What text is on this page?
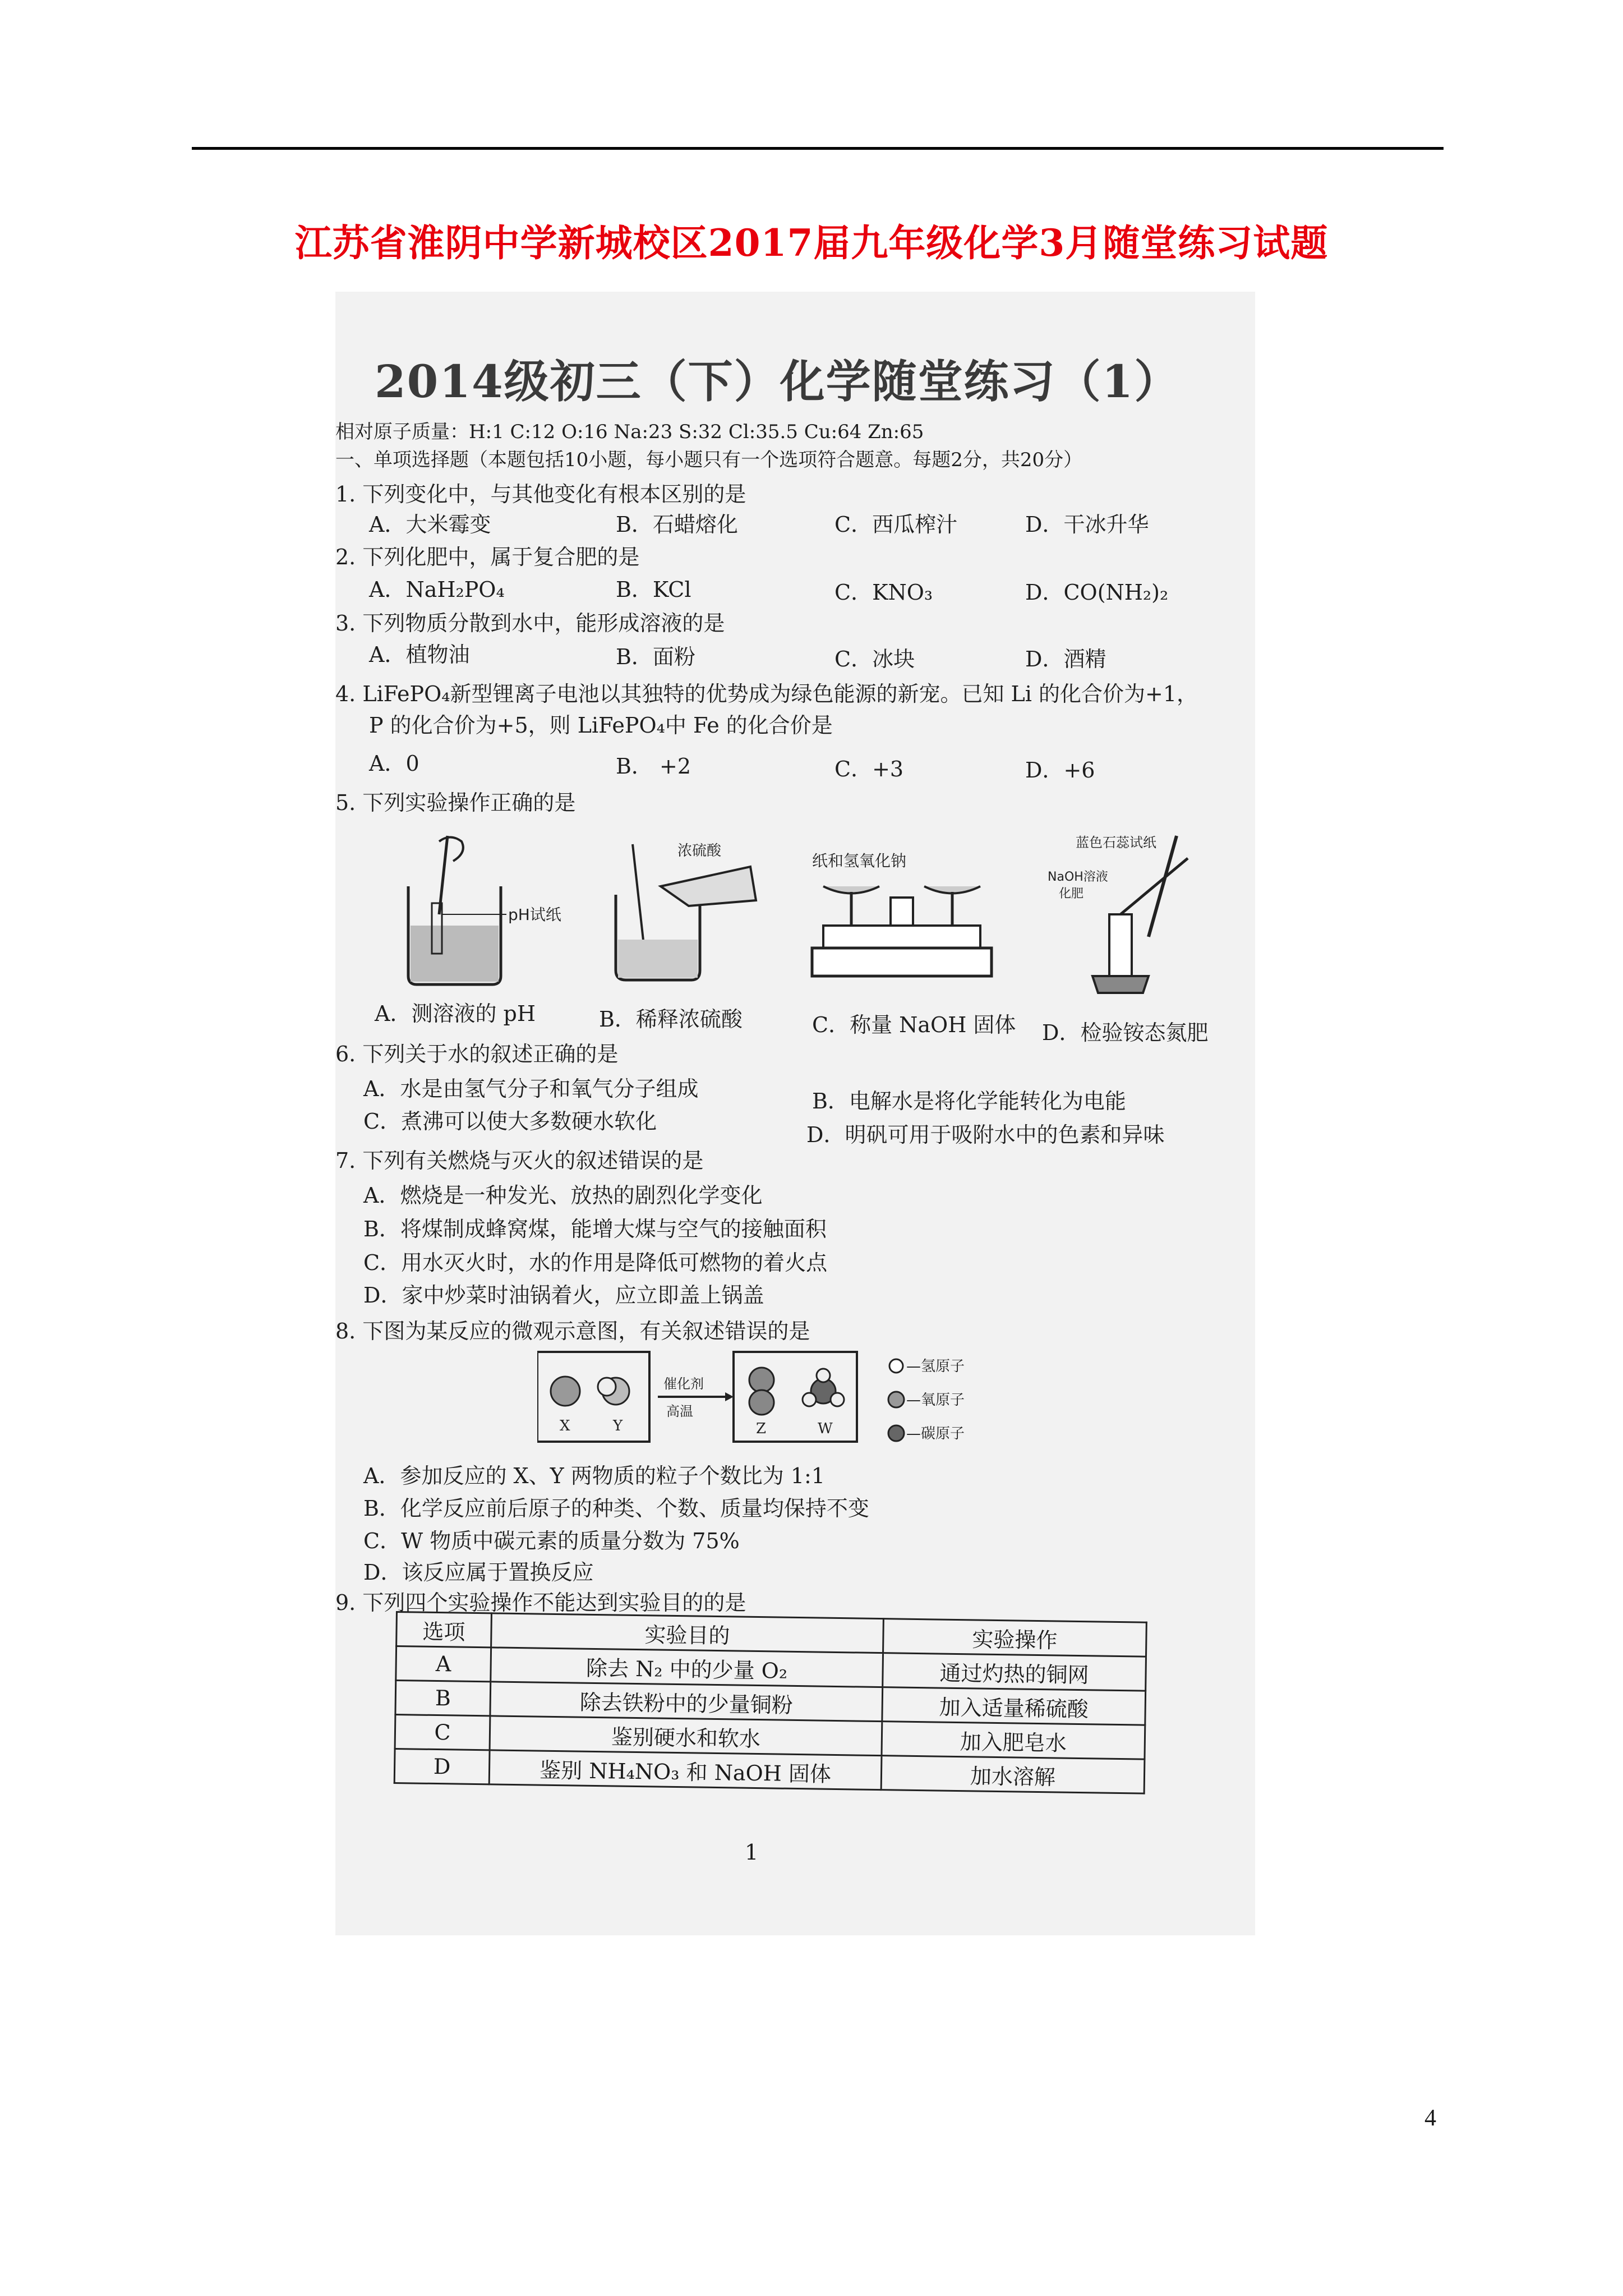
江苏省淮阴中学新城校区2017届九年级化学3月随堂练习试题
2014级初三（下）化学随堂练习（1）
相对原子质量：H:1 C:12 O:16 Na:23 S:32 Cl:35.5 Cu:64 Zn:65
一、单项选择题（本题包括10小题，每小题只有一个选项符合题意。每题2分，共20分）
1. 下列变化中，与其他变化有根本区别的是
A．大米霉变	B．石蜡熔化	C．西瓜榨汁	D．干冰升华
2. 下列化肥中，属于复合肥的是
A．NaH₂PO₄	B．KCl	C．KNO₃	D．CO(NH₂)₂
3. 下列物质分散到水中，能形成溶液的是
A．植物油	B．面粉	C．冰块	D．酒精
4. LiFePO₄新型锂离子电池以其独特的优势成为绿色能源的新宠。已知 Li 的化合价为+1，
P 的化合价为+5，则 LiFePO₄中 Fe 的化合价是
A．0	B． +2	C．+3	D．+6
5. 下列实验操作正确的是
pH试纸
浓硫酸
纸和氢氧化钠
蓝色石蕊试纸
NaOH溶液
化肥
A．测溶液的 pH	B．稀释浓硫酸	C．称量 NaOH 固体 D．检验铵态氮肥
6. 下列关于水的叙述正确的是
A．水是由氢气分子和氧气分子组成	B．电解水是将化学能转化为电能
C．煮沸可以使大多数硬水软化
D．明矾可用于吸附水中的色素和异味
7. 下列有关燃烧与灭火的叙述错误的是
A．燃烧是一种发光、放热的剧烈化学变化
B．将煤制成蜂窝煤，能增大煤与空气的接触面积
C．用水灭火时，水的作用是降低可燃物的着火点
D．家中炒菜时油锅着火，应立即盖上锅盖
8. 下图为某反应的微观示意图，有关叙述错误的是
X	Y
催化剂
高温
Z	W
—氢原子
—氧原子
—碳原子
A．参加反应的 X、Y 两物质的粒子个数比为 1:1
B．化学反应前后原子的种类、个数、质量均保持不变
C．W 物质中碳元素的质量分数为 75%
D．该反应属于置换反应
9. 下列四个实验操作不能达到实验目的的是
选项	实验目的	实验操作
A	除去 N₂ 中的少量 O₂	通过灼热的铜网
B	除去铁粉中的少量铜粉	加入适量稀硫酸
C	鉴别硬水和软水	加入肥皂水
D	鉴别 NH₄NO₃ 和 NaOH 固体	加水溶解
1
4
